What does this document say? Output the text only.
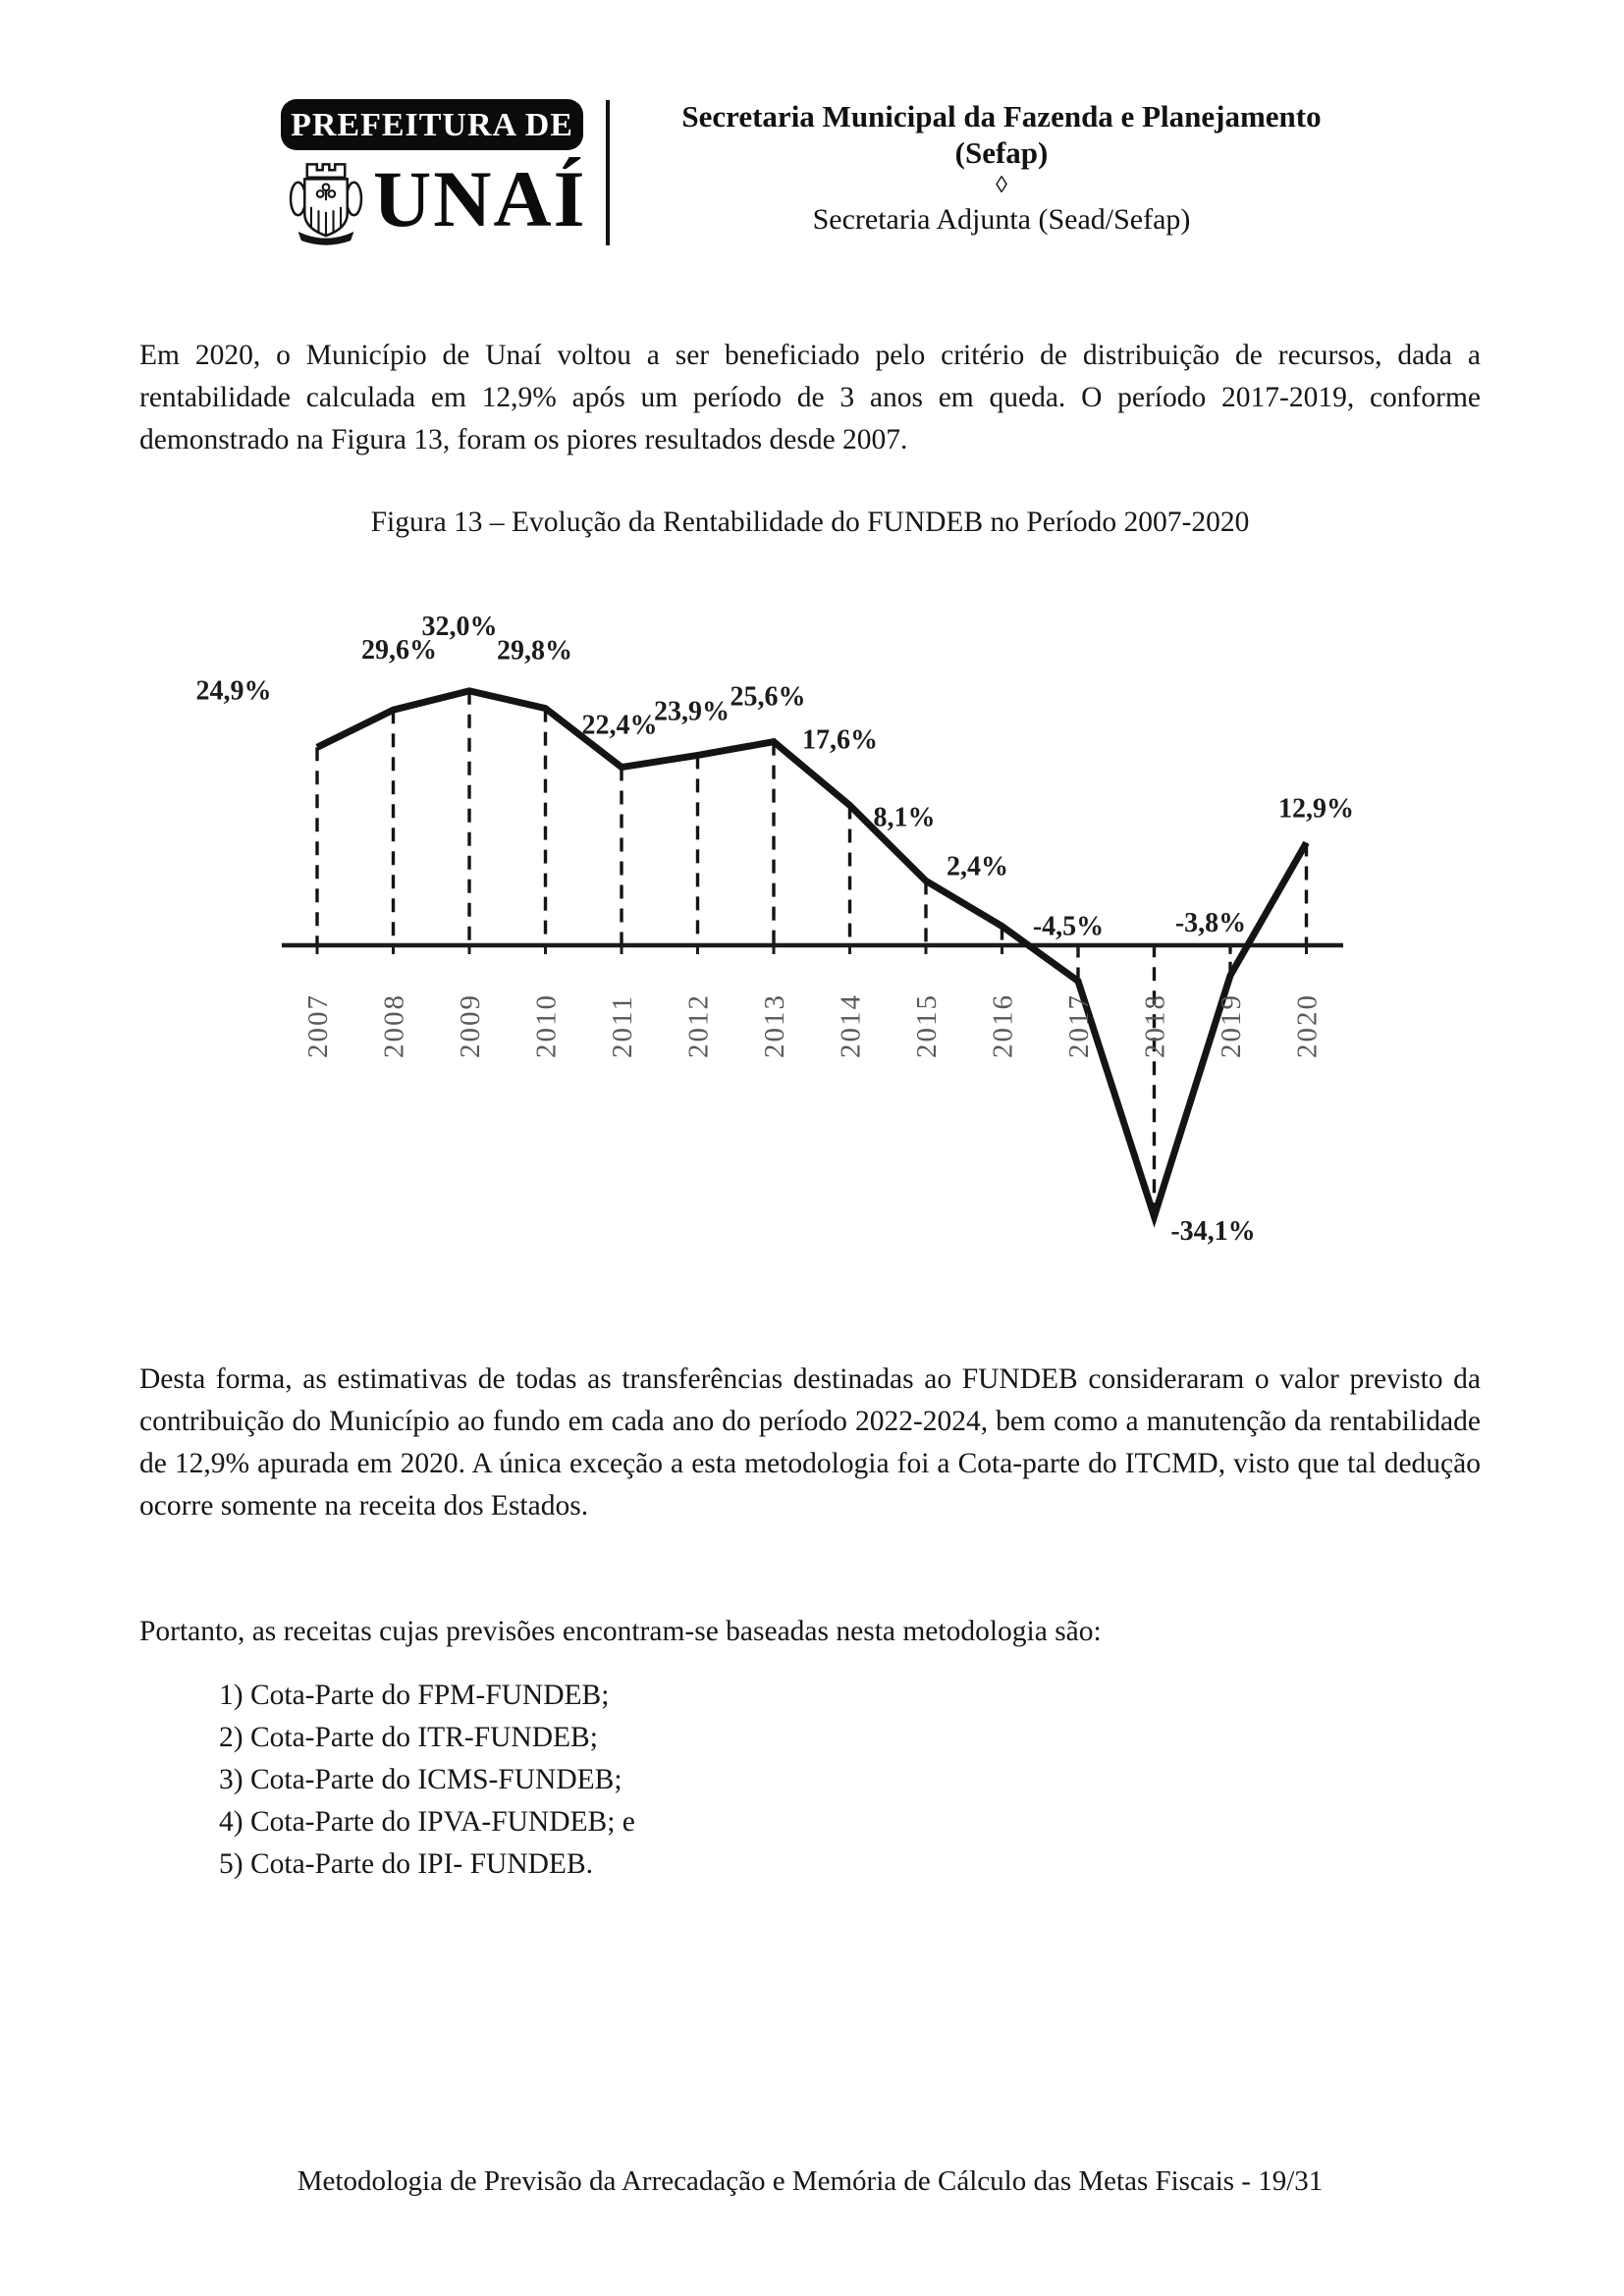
PREFEITURA DE
UNAÍ
Secretaria Municipal da Fazenda e Planejamento
(Sefap)
◊
Secretaria Adjunta (Sead/Sefap)
Em 2020, o Município de Unaí voltou a ser beneficiado pelo critério de distribuição de recursos, dada a rentabilidade calculada em 12,9% após um período de 3 anos em queda. O período 2017-2019, conforme demonstrado na Figura 13, foram os piores resultados desde 2007.
Figura 13 – Evolução da Rentabilidade do FUNDEB no Período 2007-2020
24,9%
29,6%
32,0%
29,8%
22,4%
23,9% 25,6%
17,6%
8,1%
2,4%
-4,5%
-34,1%
-3,8%
12,9%
2007 2008 2009 2010 2011 2012 2013 2014 2015 2016 2017 2018 2019 2020
Desta forma, as estimativas de todas as transferências destinadas ao FUNDEB consideraram o valor previsto da contribuição do Município ao fundo em cada ano do período 2022-2024, bem como a manutenção da rentabilidade de 12,9% apurada em 2020. A única exceção a esta metodologia foi a Cota-parte do ITCMD, visto que tal dedução ocorre somente na receita dos Estados.
Portanto, as receitas cujas previsões encontram-se baseadas nesta metodologia são:
1) Cota-Parte do FPM-FUNDEB;
2) Cota-Parte do ITR-FUNDEB;
3) Cota-Parte do ICMS-FUNDEB;
4) Cota-Parte do IPVA-FUNDEB; e
5) Cota-Parte do IPI- FUNDEB.
Metodologia de Previsão da Arrecadação e Memória de Cálculo das Metas Fiscais - 19/31
